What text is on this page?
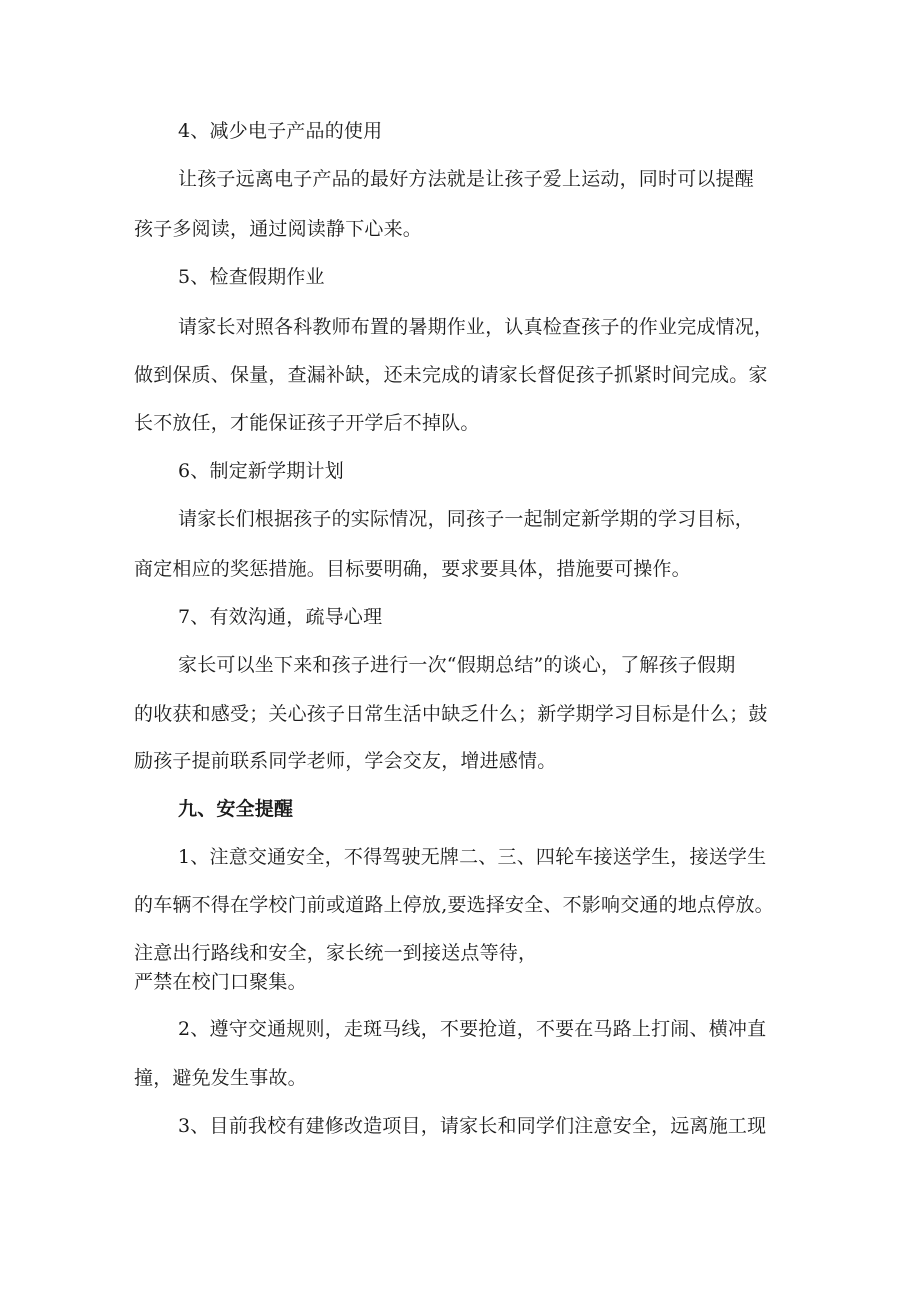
4、减少电子产品的使用
让孩子远离电子产品的最好方法就是让孩子爱上运动，同时可以提醒
孩子多阅读，通过阅读静下心来。
5、检查假期作业
请家长对照各科教师布置的暑期作业，认真检查孩子的作业完成情况，
做到保质、保量，查漏补缺，还未完成的请家长督促孩子抓紧时间完成。家
长不放任，才能保证孩子开学后不掉队。
6、制定新学期计划
请家长们根据孩子的实际情况，同孩子一起制定新学期的学习目标，
商定相应的奖惩措施。目标要明确，要求要具体，措施要可操作。
7、有效沟通，疏导心理
家长可以坐下来和孩子进行一次“假期总结”的谈心，了解孩子假期
的收获和感受；关心孩子日常生活中缺乏什么；新学期学习目标是什么；鼓
励孩子提前联系同学老师，学会交友，增进感情。
九、安全提醒
1、注意交通安全，不得驾驶无牌二、三、四轮车接送学生，接送学生
的车辆不得在学校门前或道路上停放,要选择安全、不影响交通的地点停放。
注意出行路线和安全，家长统一到接送点等待，
严禁在校门口聚集。
2、遵守交通规则，走斑马线，不要抢道，不要在马路上打闹、横冲直
撞，避免发生事故。
3、目前我校有建修改造项目，请家长和同学们注意安全，远离施工现
